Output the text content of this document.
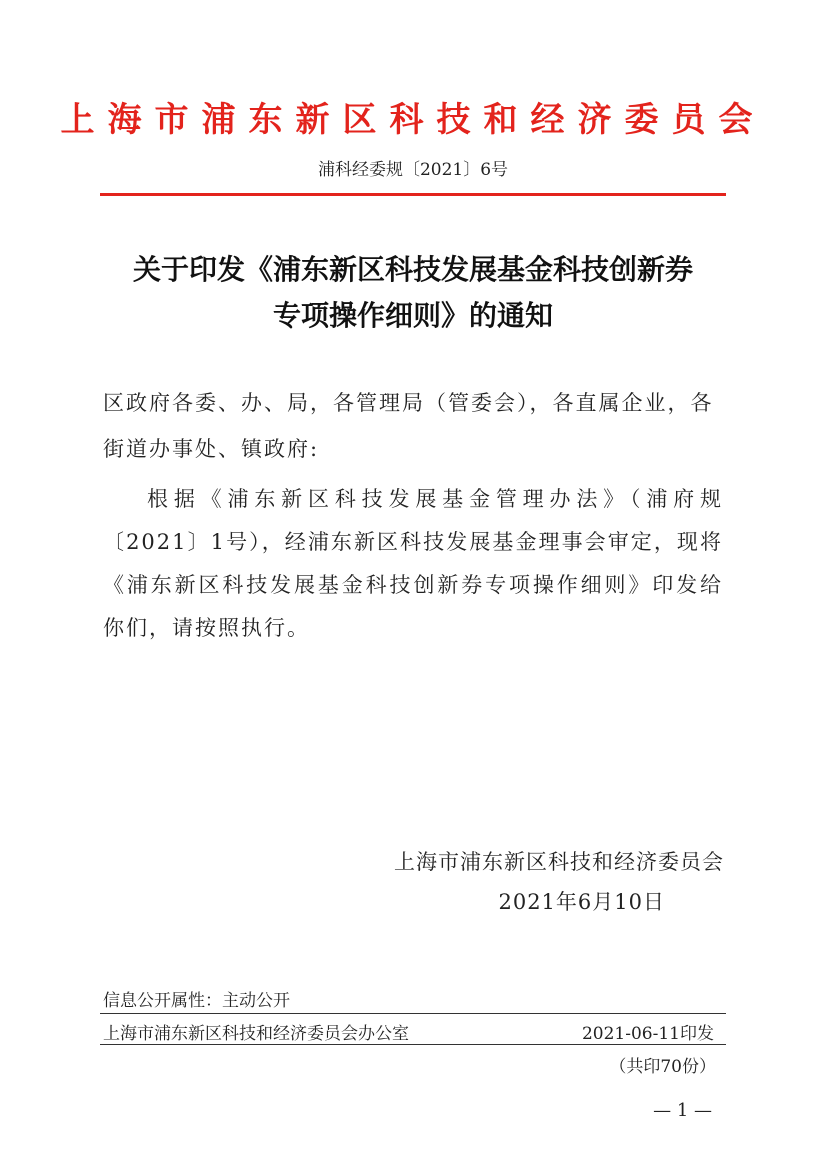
上海市浦东新区科技和经济委员会
浦科经委规〔2021〕6号
关于印发《浦东新区科技发展基金科技创新券
专项操作细则》的通知
区政府各委、办、局，各管理局（管委会），各直属企业，各街道办事处、镇政府:
根据《浦东新区科技发展基金管理办法》（浦府规〔2021〕1号），经浦东新区科技发展基金理事会审定，现将《浦东新区科技发展基金科技创新券专项操作细则》印发给你们，请按照执行。
上海市浦东新区科技和经济委员会
2021年6月10日
信息公开属性：主动公开
上海市浦东新区科技和经济委员会办公室	2021-06-11印发
（共印70份）
— 1 —
